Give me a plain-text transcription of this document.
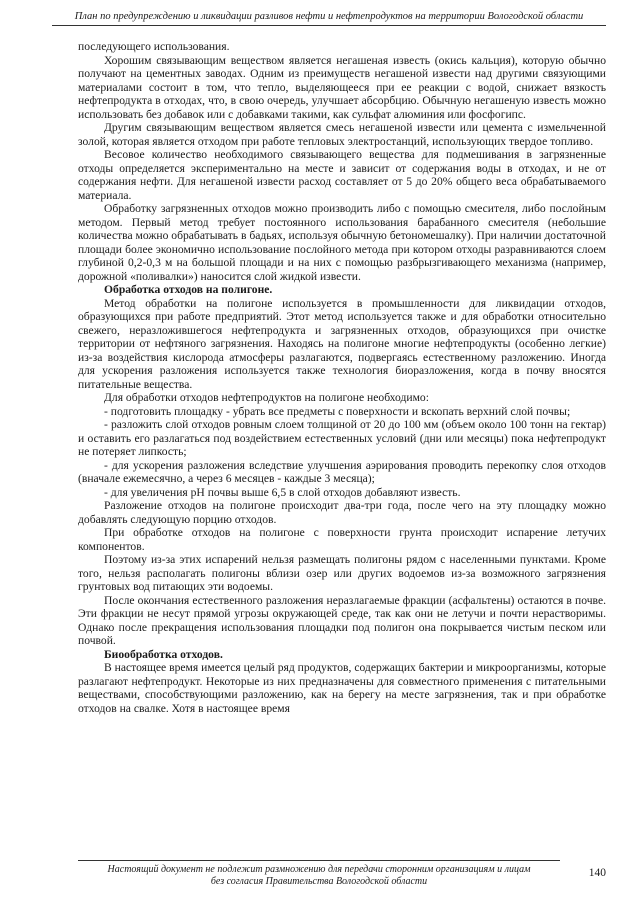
План по предупреждению и ликвидации разливов нефти и нефтепродуктов на территории Вологодской области

последующего использования.

Хорошим связывающим веществом является негашеная известь (окись кальция), которую обычно получают на цементных заводах. Одним из преимуществ негашеной извести над другими связующими материалами состоит в том, что тепло, выделяющееся при ее реакции с водой, снижает вязкость нефтепродукта в отходах, что, в свою очередь, улучшает абсорбцию. Обычную негашеную известь можно использовать без добавок или с добавками такими, как сульфат алюминия или фосфогипс.

Другим связывающим веществом является смесь негашеной извести или цемента с измельченной золой, которая является отходом при работе тепловых электростанций, использующих твердое топливо.

Весовое количество необходимого связывающего вещества для подмешивания в загрязненные отходы определяется экспериментально на месте и зависит от содержания воды в отходах, и не от содержания нефти. Для негашеной извести расход составляет от 5 до 20% общего веса обрабатываемого материала.

Обработку загрязненных отходов можно производить либо с помощью смесителя, либо послойным методом. Первый метод требует постоянного использования барабанного смесителя (небольшие количества можно обрабатывать в бадьях, используя обычную бетономешалку). При наличии достаточной площади более экономично использование послойного метода при котором отходы разравниваются слоем глубиной 0,2-0,3 м на большой площади и на них с помощью разбрызгивающего механизма (например, дорожной «поливалки») наносится слой жидкой извести.

Обработка отходов на полигоне.

Метод обработки на полигоне используется в промышленности для ликвидации отходов, образующихся при работе предприятий. Этот метод используется также и для обработки относительно свежего, неразложившегося нефтепродукта и загрязненных отходов, образующихся при очистке территории от нефтяного загрязнения. Находясь на полигоне многие нефтепродукты (особенно легкие) из-за воздействия кислорода атмосферы разлагаются, подвергаясь естественному разложению. Иногда для ускорения разложения используется также технология биоразложения, когда в почву вносятся питательные вещества.

Для обработки отходов нефтепродуктов на полигоне необходимо:

- подготовить площадку - убрать все предметы с поверхности и вскопать верхний слой почвы;

- разложить слой отходов ровным слоем толщиной от 20 до 100 мм (объем около 100 тонн на гектар) и оставить его разлагаться под воздействием естественных условий (дни или месяцы) пока нефтепродукт не потеряет липкость;

- для ускорения разложения вследствие улучшения аэрирования проводить перекопку слоя отходов (вначале ежемесячно, а через 6 месяцев - каждые 3 месяца);

- для увеличения pH почвы выше 6,5 в слой отходов добавляют известь.

Разложение отходов на полигоне происходит два-три года, после чего на эту площадку можно добавлять следующую порцию отходов.

При обработке отходов на полигоне с поверхности грунта происходит испарение летучих компонентов.

Поэтому из-за этих испарений нельзя размещать полигоны рядом с населенными пунктами. Кроме того, нельзя располагать полигоны вблизи озер или других водоемов из-за возможного загрязнения грунтовых вод питающих эти водоемы.

После окончания естественного разложения неразлагаемые фракции (асфальтены) остаются в почве. Эти фракции не несут прямой угрозы окружающей среде, так как они не летучи и почти нерастворимы. Однако после прекращения использования площадки под полигон она покрывается чистым песком или почвой.

Биообработка отходов.

В настоящее время имеется целый ряд продуктов, содержащих бактерии и микроорганизмы, которые разлагают нефтепродукт. Некоторые из них предназначены для совместного применения с питательными веществами, способствующими разложению, как на берегу на месте загрязнения, так и при обработке отходов на свалке. Хотя в настоящее время

Настоящий документ не подлежит размножению для передачи сторонним организациям и лицам
без согласия Правительства Вологодской области
140
